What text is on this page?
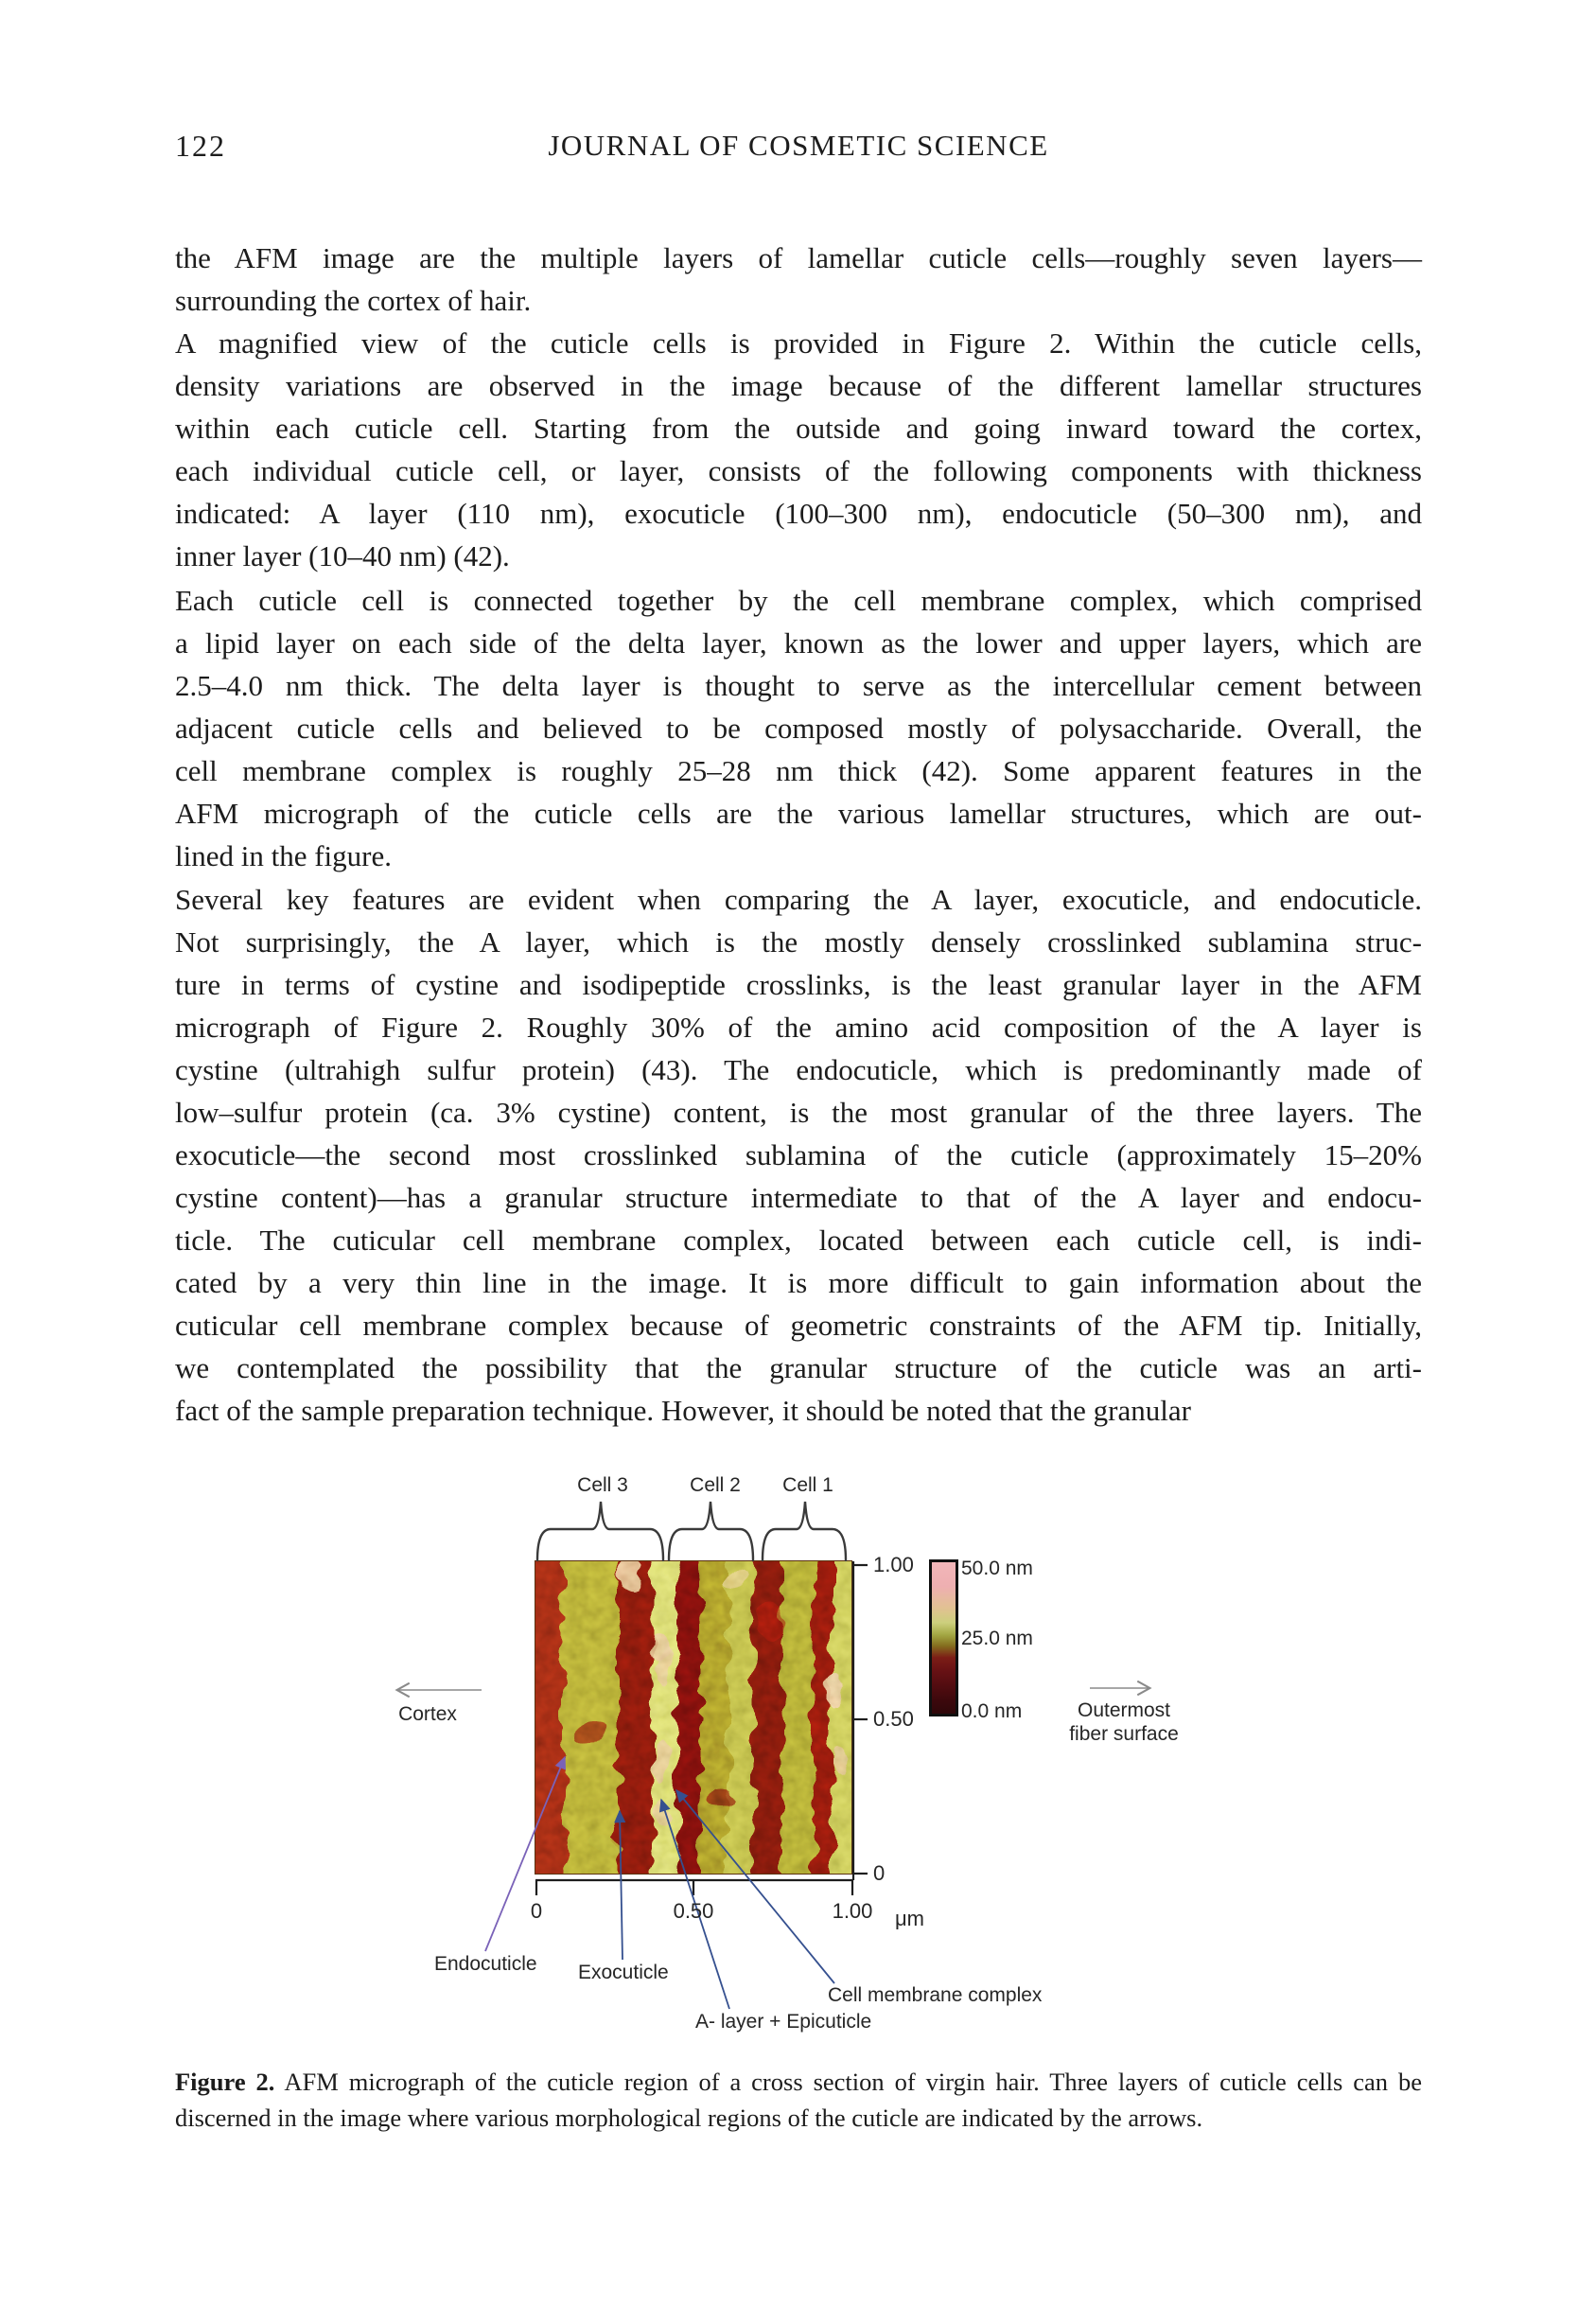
122	JOURNAL OF COSMETIC SCIENCE
the AFM image are the multiple layers of lamellar cuticle cells—roughly seven layers—
surrounding the cortex of hair.
A magnified view of the cuticle cells is provided in Figure 2. Within the cuticle cells,
density variations are observed in the image because of the different lamellar structures
within each cuticle cell. Starting from the outside and going inward toward the cortex,
each individual cuticle cell, or layer, consists of the following components with thickness
indicated: A layer (110 nm), exocuticle (100–300 nm), endocuticle (50–300 nm), and
inner layer (10–40 nm) (42).
Each cuticle cell is connected together by the cell membrane complex, which comprised
a lipid layer on each side of the delta layer, known as the lower and upper layers, which are
2.5–4.0 nm thick. The delta layer is thought to serve as the intercellular cement between
adjacent cuticle cells and believed to be composed mostly of polysaccharide. Overall, the
cell membrane complex is roughly 25–28 nm thick (42). Some apparent features in the
AFM micrograph of the cuticle cells are the various lamellar structures, which are out-
lined in the figure.
Several key features are evident when comparing the A layer, exocuticle, and endocuticle.
Not surprisingly, the A layer, which is the mostly densely crosslinked sublamina struc-
ture in terms of cystine and isodipeptide crosslinks, is the least granular layer in the AFM
micrograph of Figure 2. Roughly 30% of the amino acid composition of the A layer is
cystine (ultrahigh sulfur protein) (43). The endocuticle, which is predominantly made of
low–sulfur protein (ca. 3% cystine) content, is the most granular of the three layers. The
exocuticle—the second most crosslinked sublamina of the cuticle (approximately 15–20%
cystine content)—has a granular structure intermediate to that of the A layer and endocu-
ticle. The cuticular cell membrane complex, located between each cuticle cell, is indi-
cated by a very thin line in the image. It is more difficult to gain information about the
cuticular cell membrane complex because of geometric constraints of the AFM tip. Initially,
we contemplated the possibility that the granular structure of the cuticle was an arti-
fact of the sample preparation technique. However, it should be noted that the granular
Cell 3	Cell 2 Cell 1
1.00
0.50
0
0	0.50	1.00 μm
50.0 nm
25.0 nm
0.0 nm
Cortex	Outermost
fiber surface
Endocuticle Exocuticle
A- layer + Epicuticle
Cell membrane complex

Figure 2. AFM micrograph of the cuticle region of a cross section of virgin hair. Three layers of cuticle cells can be discerned in the image where various morphological regions of the cuticle are indicated by the arrows.
